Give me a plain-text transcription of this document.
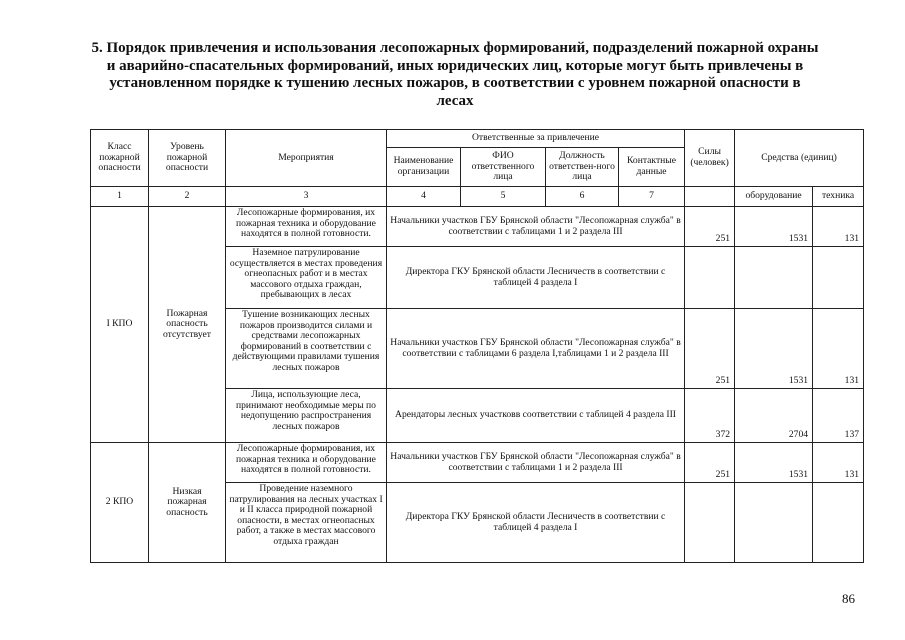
5. Порядок привлечения и использования лесопожарных формирований, подразделений пожарной охраны и аварийно-спасательных формирований, иных юридических лиц, которые могут быть привлечены в установленном порядке к тушению лесных пожаров, в соответствии с уровнем пожарной опасности в лесах
Класс пожарной опасности	Уровень пожарной опасности	Мероприятия	Ответственные за привлечение				Силы (человек)	Средства (единиц)	
			Наименование организации	ФИО ответственного лица	Должность ответствен-ного лица	Контактные данные			
1	2	3	4	5	6	7		оборудование	техника
I КПО	Пожарная опасность отсутствует	Лесопожарные формирования, их пожарная техника и оборудование находятся в полной готовности.	Начальники участков ГБУ Брянской области "Лесопожарная служба" в соответствии с таблицами 1 и 2 раздела III				251	1531	131
		Наземное патрулирование осуществляется в местах проведения огнеопасных работ и в местах массового отдыха граждан, пребывающих в лесах	Директора ГКУ Брянской области Лесничеств в соответствии с таблицей 4 раздела I						
		Тушение возникающих лесных пожаров производится силами и средствами лесопожарных формирований в соответствии с действующими правилами тушения лесных пожаров	Начальники участков ГБУ Брянской области "Лесопожарная служба" в соответствии с таблицами 6 раздела I,таблицами 1 и 2 раздела III				251	1531	131
		Лица, использующие леса, принимают необходимые меры по недопущению распространения лесных пожаров	Арендаторы лесных участковв соответствии с таблицей 4 раздела III				372	2704	137
2 КПО	Низкая пожарная опасность	Лесопожарные формирования, их пожарная техника и оборудование находятся в полной готовности.	Начальники участков ГБУ Брянской области "Лесопожарная служба" в соответствии с таблицами 1 и 2 раздела III				251	1531	131
		Проведение наземного патрулирования на лесных участках I и II класса природной пожарной опасности, в местах огнеопасных работ, а также в местах массового отдыха граждан	Директора ГКУ Брянской области Лесничеств в соответствии с таблицей 4 раздела I						
86
